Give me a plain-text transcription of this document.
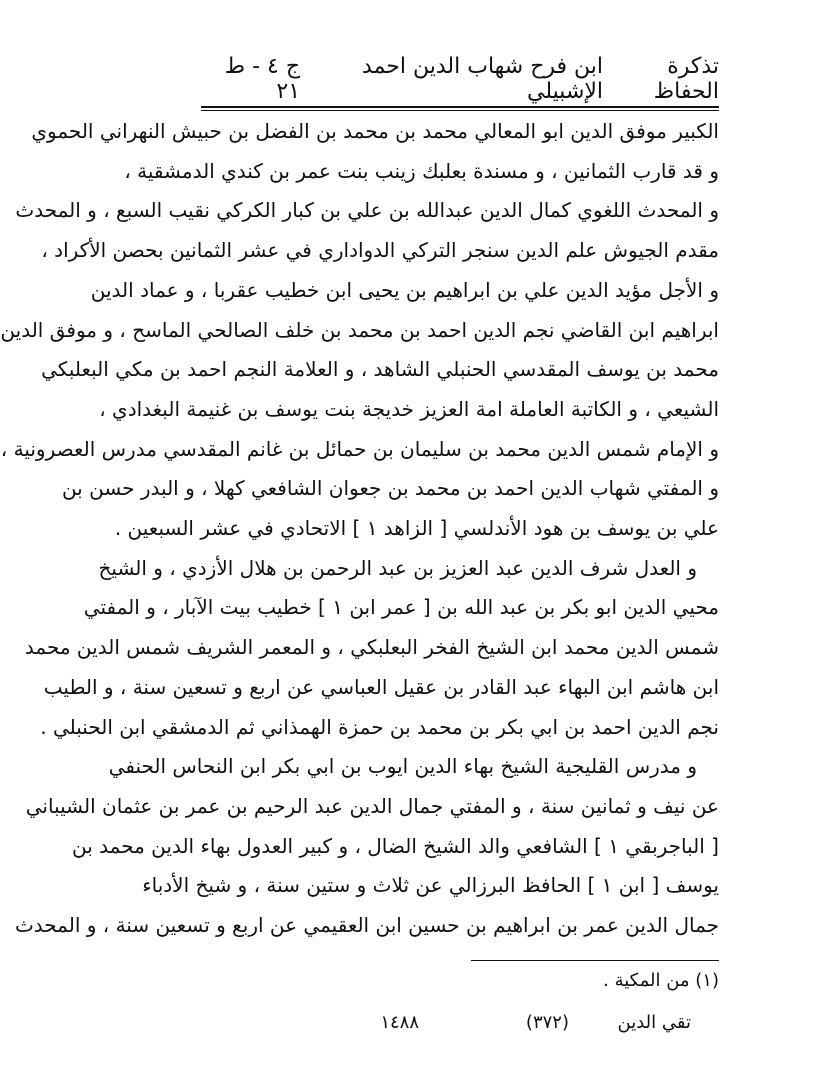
تذكرة الحفاظ
ابن فرح شهاب الدين احمد الإشبيلي
ج ٤ - ط ٢١
الكبير موفق الدين ابو المعالي محمد بن محمد بن الفضل بن حبيش النهراني الحموي
و قد قارب الثمانين ، و مسندة بعلبك زينب بنت عمر بن كندي الدمشقية ،
و المحدث اللغوي كمال الدين عبدالله بن علي بن كبار الكركي نقيب السبع ، و المحدث
مقدم الجيوش علم الدين سنجر التركي الدواداري في عشر الثمانين بحصن الأكراد ،
و الأجل مؤيد الدين علي بن ابراهيم بن يحيى ابن خطيب عقربا ، و عماد الدين
ابراهيم ابن القاضي نجم الدين احمد بن محمد بن خلف الصالحي الماسح ، و موفق الدين
محمد بن يوسف المقدسي الحنبلي الشاهد ، و العلامة النجم احمد بن مكي البعلبكي
الشيعي ، و الكاتبة العاملة امة العزيز خديجة بنت يوسف بن غنيمة البغدادي ،
و الإمام شمس الدين محمد بن سليمان بن حمائل بن غانم المقدسي مدرس العصرونية ،
و المفتي شهاب الدين احمد بن محمد بن جعوان الشافعي كهلا ، و البدر حسن بن
علي بن يوسف بن هود الأندلسي [ الزاهد ١ ] الاتحادي في عشر السبعين .
و العدل شرف الدين عبد العزيز بن عبد الرحمن بن هلال الأزدي ، و الشيخ
محيي الدين ابو بكر بن عبد الله بن [ عمر ابن ١ ] خطيب بيت الآبار ، و المفتي
شمس الدين محمد ابن الشيخ الفخر البعلبكي ، و المعمر الشريف شمس الدين محمد
ابن هاشم ابن البهاء عبد القادر بن عقيل العباسي عن اربع و تسعين سنة ، و الطيب
نجم الدين احمد بن ابي بكر بن محمد بن حمزة الهمذاني ثم الدمشقي ابن الحنبلي .
و مدرس القليجية الشيخ بهاء الدين ايوب بن ابي بكر ابن النحاس الحنفي
عن نيف و ثمانين سنة ، و المفتي جمال الدين عبد الرحيم بن عمر بن عثمان الشيباني
[ الباجربقي ١ ] الشافعي والد الشيخ الضال ، و كبير العدول بهاء الدين محمد بن
يوسف [ ابن ١ ] الحافظ البرزالي عن ثلاث و ستين سنة ، و شيخ الأدباء
جمال الدين عمر بن ابراهيم بن حسين ابن العقيمي عن اربع و تسعين سنة ، و المحدث
(١) من المكية .
تقي الدين
(٣٧٢)
١٤٨٨
